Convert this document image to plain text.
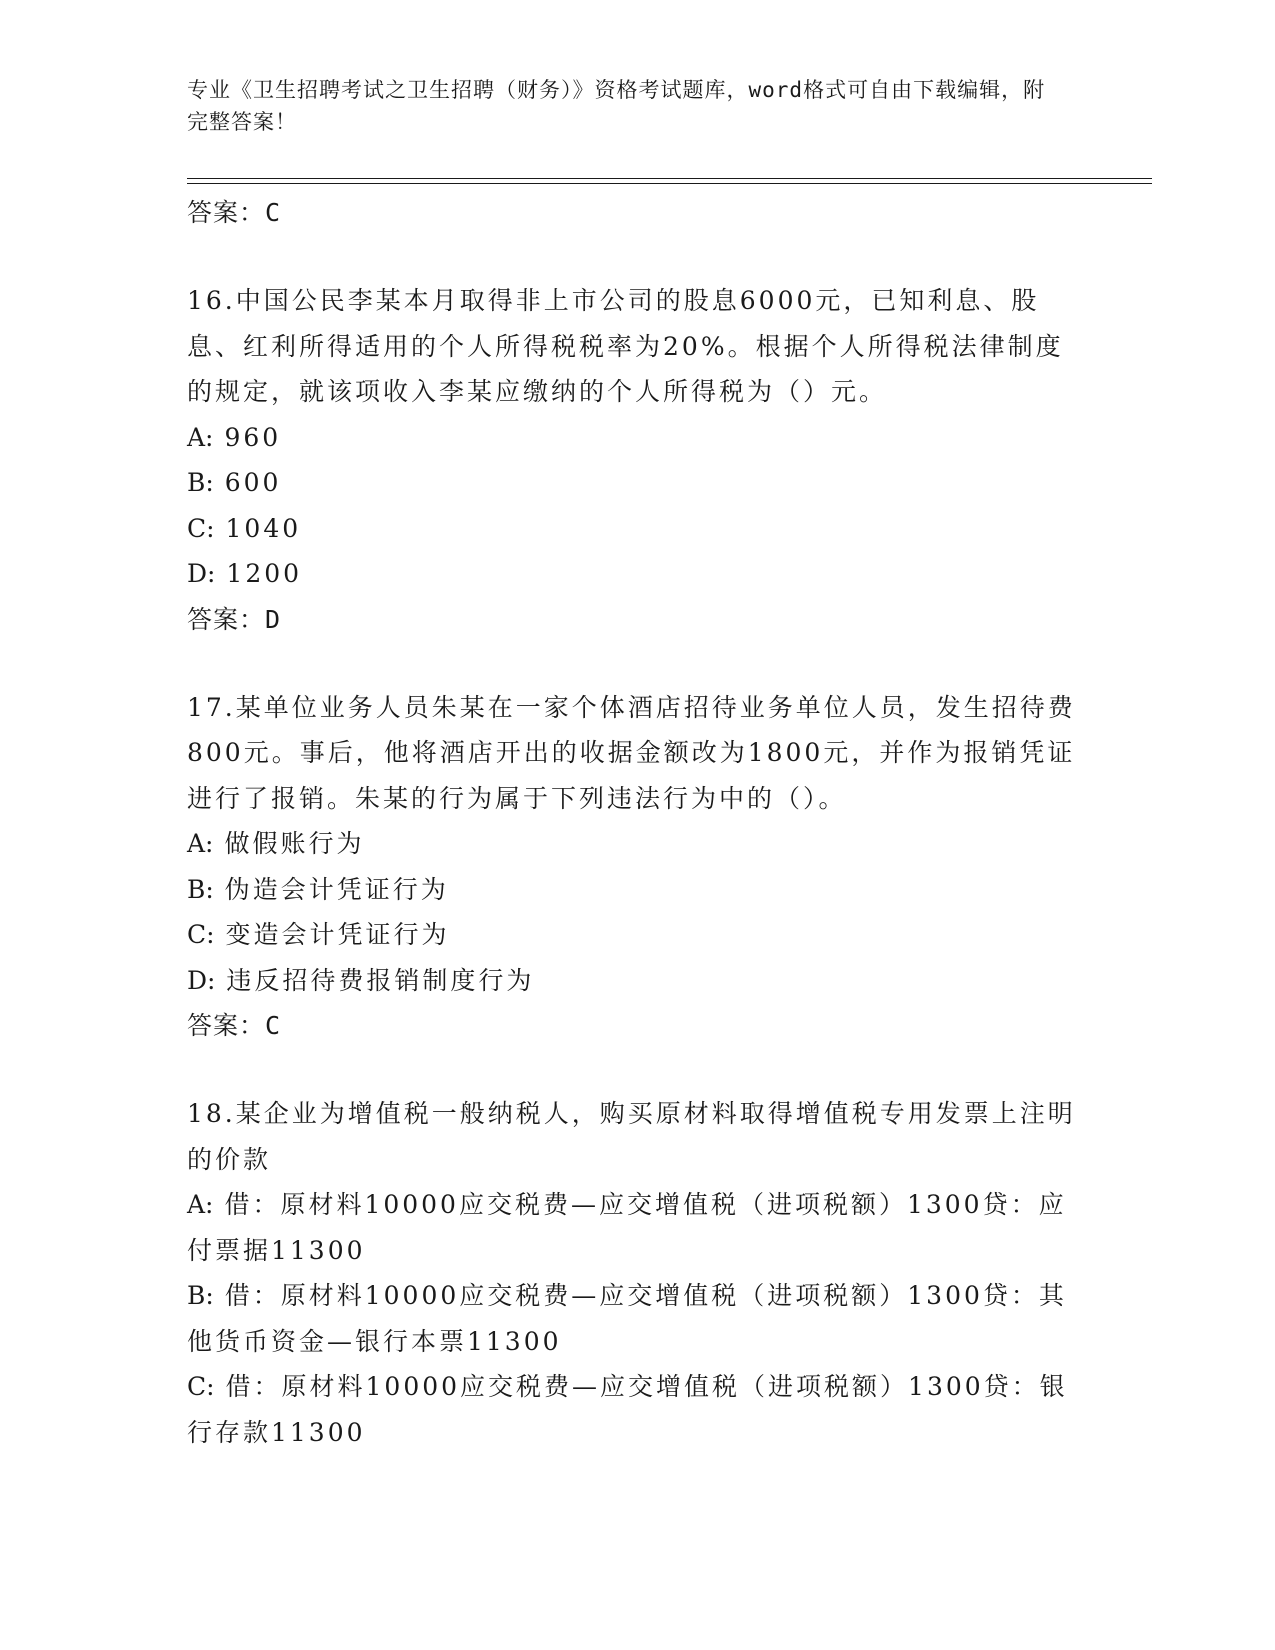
专业《卫生招聘考试之卫生招聘（财务）》资格考试题库，word格式可自由下载编辑，附完整答案！
答案：C
16.中国公民李某本月取得非上市公司的股息6000元，已知利息、股息、红利所得适用的个人所得税税率为20%。根据个人所得税法律制度的规定，就该项收入李某应缴纳的个人所得税为（）元。
A: 960
B: 600
C: 1040
D: 1200
答案：D
17.某单位业务人员朱某在一家个体酒店招待业务单位人员，发生招待费800元。事后，他将酒店开出的收据金额改为1800元，并作为报销凭证进行了报销。朱某的行为属于下列违法行为中的（）。
A: 做假账行为
B: 伪造会计凭证行为
C: 变造会计凭证行为
D: 违反招待费报销制度行为
答案：C
18.某企业为增值税一般纳税人，购买原材料取得增值税专用发票上注明的价款
A: 借：原材料10000应交税费—应交增值税（进项税额）1300贷：应付票据11300
B: 借：原材料10000应交税费—应交增值税（进项税额）1300贷：其他货币资金—银行本票11300
C: 借：原材料10000应交税费—应交增值税（进项税额）1300贷：银行存款11300
